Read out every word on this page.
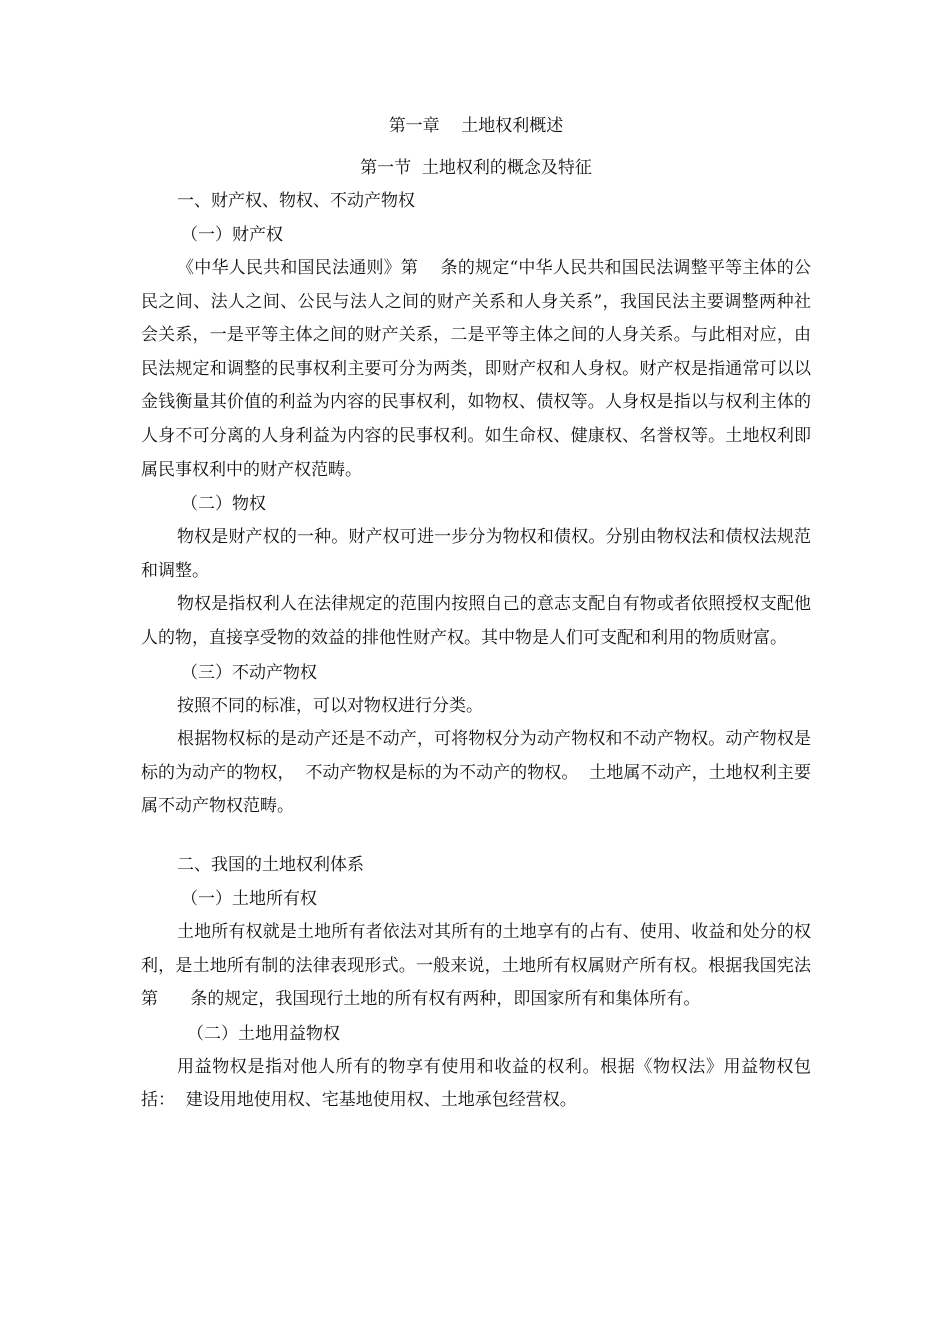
第一章    土地权利概述
第一节  土地权利的概念及特征
一、财产权、物权、不动产物权
（一）财产权

《中华人民共和国民法通则》第    条的规定“中华人民共和国民法调整平等主体的公民之间、法人之间、公民与法人之间的财产关系和人身关系”，我国民法主要调整两种社会关系，一是平等主体之间的财产关系，二是平等主体之间的人身关系。与此相对应，由民法规定和调整的民事权利主要可分为两类，即财产权和人身权。财产权是指通常可以以金钱衡量其价值的利益为内容的民事权利，如物权、债权等。人身权是指以与权利主体的人身不可分离的人身利益为内容的民事权利。如生命权、健康权、名誉权等。土地权利即属民事权利中的财产权范畴。

（二）物权

物权是财产权的一种。财产权可进一步分为物权和债权。分别由物权法和债权法规范和调整。

物权是指权利人在法律规定的范围内按照自己的意志支配自有物或者依照授权支配他人的物，直接享受物的效益的排他性财产权。其中物是人们可支配和利用的物质财富。

（三）不动产物权

按照不同的标准，可以对物权进行分类。

根据物权标的是动产还是不动产，可将物权分为动产物权和不动产物权。动产物权是标的为动产的物权，  不动产物权是标的为不动产的物权。  土地属不动产，土地权利主要属不动产物权范畴。

二、我国的土地权利体系
（一）土地所有权

土地所有权就是土地所有者依法对其所有的土地享有的占有、使用、收益和处分的权利，是土地所有制的法律表现形式。一般来说，土地所有权属财产所有权。根据我国宪法第      条的规定，我国现行土地的所有权有两种，即国家所有和集体所有。

（二）土地用益物权

用益物权是指对他人所有的物享有使用和收益的权利。根据《物权法》用益物权包括：  建设用地使用权、宅基地使用权、土地承包经营权。
